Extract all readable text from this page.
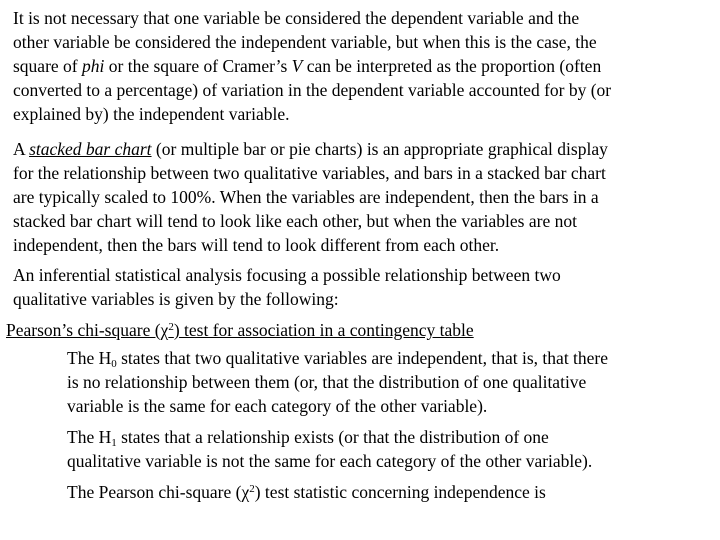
It is not necessary that one variable be considered the dependent variable and the
other variable be considered the independent variable, but when this is the case, the
square of phi or the square of Cramer’s V can be interpreted as the proportion (often
converted to a percentage) of variation in the dependent variable accounted for by (or
explained by) the independent variable.
A stacked bar chart (or multiple bar or pie charts) is an appropriate graphical display
for the relationship between two qualitative variables, and bars in a stacked bar chart
are typically scaled to 100%. When the variables are independent, then the bars in a
stacked bar chart will tend to look like each other, but when the variables are not
independent, then the bars will tend to look different from each other.
An inferential statistical analysis focusing a possible relationship between two
qualitative variables is given by the following:
Pearson’s chi-square $(\chi^2)$ test for association in a contingency table
The $H_0$ states that two qualitative variables are independent, that is, that there
is no relationship between them (or, that the distribution of one qualitative
variable is the same for each category of the other variable).
The $H_1$ states that a relationship exists (or that the distribution of one
qualitative variable is not the same for each category of the other variable).
The Pearson chi-square $(\chi^2)$ test statistic concerning independence is
